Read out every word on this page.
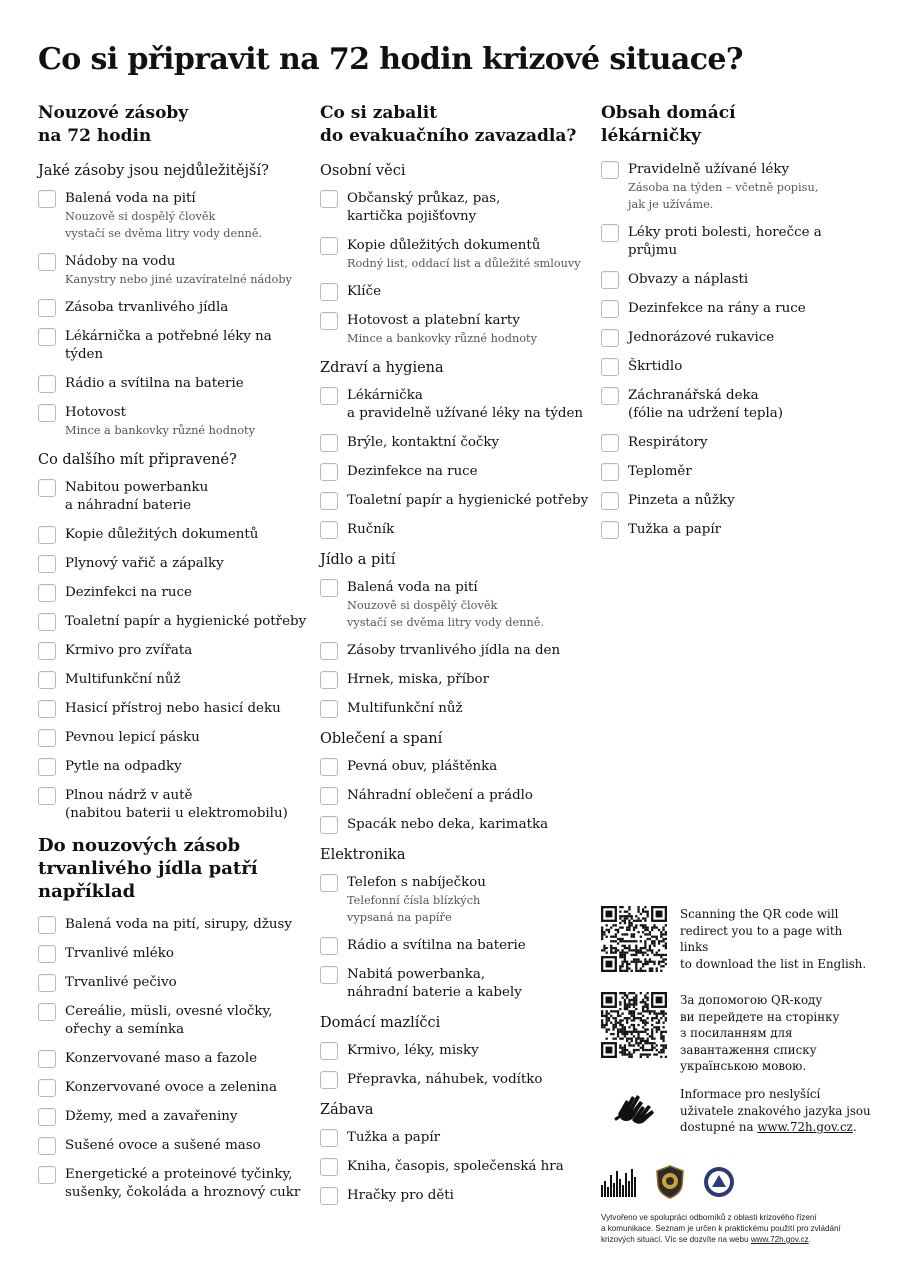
Co si připravit na 72 hodin krizové situace?
Nouzové zásoby
na 72 hodin
Jaké zásoby jsou nejdůležitější?
Balená voda na pití
Nouzově si dospělý člověk
vystačí se dvěma litry vody denně.
Nádoby na vodu
Kanystry nebo jiné uzavíratelné nádoby
Zásoba trvanlivého jídla
Lékárnička a potřebné léky na týden
Rádio a svítilna na baterie
Hotovost
Mince a bankovky různé hodnoty
Co dalšího mít připravené?
Nabitou powerbanku
a náhradní baterie
Kopie důležitých dokumentů
Plynový vařič a zápalky
Dezinfekci na ruce
Toaletní papír a hygienické potřeby
Krmivo pro zvířata
Multifunkční nůž
Hasicí přístroj nebo hasicí deku
Pevnou lepicí pásku
Pytle na odpadky
Plnou nádrž v autě
(nabitou baterii u elektromobilu)
Do nouzových zásob
trvanlivého jídla patří
například
Balená voda na pití, sirupy, džusy
Trvanlivé mléko
Trvanlivé pečivo
Cereálie, müsli, ovesné vločky,
ořechy a semínka
Konzervované maso a fazole
Konzervované ovoce a zelenina
Džemy, med a zavařeniny
Sušené ovoce a sušené maso
Energetické a proteinové tyčinky,
sušenky, čokoláda a hroznový cukr
Co si zabalit
do evakuačního zavazadla?
Osobní věci
Občanský průkaz, pas,
kartička pojišťovny
Kopie důležitých dokumentů
Rodný list, oddací list a důležité smlouvy
Klíče
Hotovost a platební karty
Mince a bankovky různé hodnoty
Zdraví a hygiena
Lékárnička
a pravidelně užívané léky na týden
Brýle, kontaktní čočky
Dezinfekce na ruce
Toaletní papír a hygienické potřeby
Ručník
Jídlo a pití
Balená voda na pití
Nouzově si dospělý člověk
vystačí se dvěma litry vody denně.
Zásoby trvanlivého jídla na den
Hrnek, miska, příbor
Multifunkční nůž
Oblečení a spaní
Pevná obuv, pláštěnka
Náhradní oblečení a prádlo
Spacák nebo deka, karimatka
Elektronika
Telefon s nabíječkou
Telefonní čísla blízkých
vypsaná na papíře
Rádio a svítilna na baterie
Nabitá powerbanka,
náhradní baterie a kabely
Domácí mazlíčci
Krmivo, léky, misky
Přepravka, náhubek, vodítko
Zábava
Tužka a papír
Kniha, časopis, společenská hra
Hračky pro děti
Obsah domácí
lékárničky
Pravidelně užívané léky
Zásoba na týden – včetně popisu,
jak je užíváme.
Léky proti bolesti, horečce a průjmu
Obvazy a náplasti
Dezinfekce na rány a ruce
Jednorázové rukavice
Škrtidlo
Záchranářská deka
(fólie na udržení tepla)
Respirátory
Teploměr
Pinzeta a nůžky
Tužka a papír
Scanning the QR code will
redirect you to a page with links
to download the list in English.
За допомогою QR-коду
ви перейдете на сторінку
з посиланням для
завантаження списку
українською мовою.
Informace pro neslyšící
uživatele znakového jazyka jsou
dostupné na www.72h.gov.cz.
Vytvořeno ve spolupráci odborníků z oblasti krizového řízení
a komunikace. Seznam je určen k praktickému použití pro zvládání
krizových situací. Víc se dozvíte na webu www.72h.gov.cz.
